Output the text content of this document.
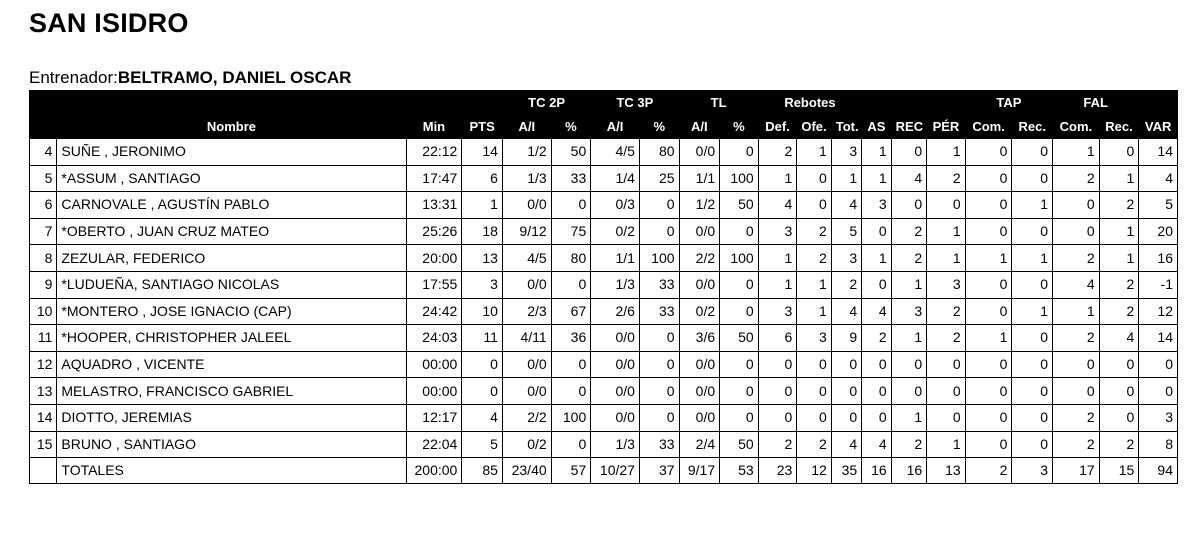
SAN ISIDRO
Entrenador:BELTRAMO, DANIEL OSCAR
				TC 2P		TC 3P		TL		Rebotes						TAP		FAL		
	Nombre	Min	PTS	A/I	%	A/I	%	A/I	%	Def.	Ofe.	Tot.	AS	REC	PÉR	Com.	Rec.	Com.	Rec.	VAR
4	SUÑE , JERONIMO	22:12	14	1/2	50	4/5	80	0/0	0	2	1	3	1	0	1	0	0	1	0	14
5	*ASSUM , SANTIAGO	17:47	6	1/3	33	1/4	25	1/1	100	1	0	1	1	4	2	0	0	2	1	4
6	CARNOVALE , AGUSTÍN PABLO	13:31	1	0/0	0	0/3	0	1/2	50	4	0	4	3	0	0	0	1	0	2	5
7	*OBERTO , JUAN CRUZ MATEO	25:26	18	9/12	75	0/2	0	0/0	0	3	2	5	0	2	1	0	0	0	1	20
8	ZEZULAR, FEDERICO	20:00	13	4/5	80	1/1	100	2/2	100	1	2	3	1	2	1	1	1	2	1	16
9	*LUDUEÑA, SANTIAGO NICOLAS	17:55	3	0/0	0	1/3	33	0/0	0	1	1	2	0	1	3	0	0	4	2	-1
10	*MONTERO , JOSE IGNACIO (CAP)	24:42	10	2/3	67	2/6	33	0/2	0	3	1	4	4	3	2	0	1	1	2	12
11	*HOOPER, CHRISTOPHER JALEEL	24:03	11	4/11	36	0/0	0	3/6	50	6	3	9	2	1	2	1	0	2	4	14
12	AQUADRO , VICENTE	00:00	0	0/0	0	0/0	0	0/0	0	0	0	0	0	0	0	0	0	0	0	0
13	MELASTRO, FRANCISCO GABRIEL	00:00	0	0/0	0	0/0	0	0/0	0	0	0	0	0	0	0	0	0	0	0	0
14	DIOTTO, JEREMIAS	12:17	4	2/2	100	0/0	0	0/0	0	0	0	0	0	1	0	0	0	2	0	3
15	BRUNO , SANTIAGO	22:04	5	0/2	0	1/3	33	2/4	50	2	2	4	4	2	1	0	0	2	2	8
	TOTALES	200:00	85	23/40	57	10/27	37	9/17	53	23	12	35	16	16	13	2	3	17	15	94
